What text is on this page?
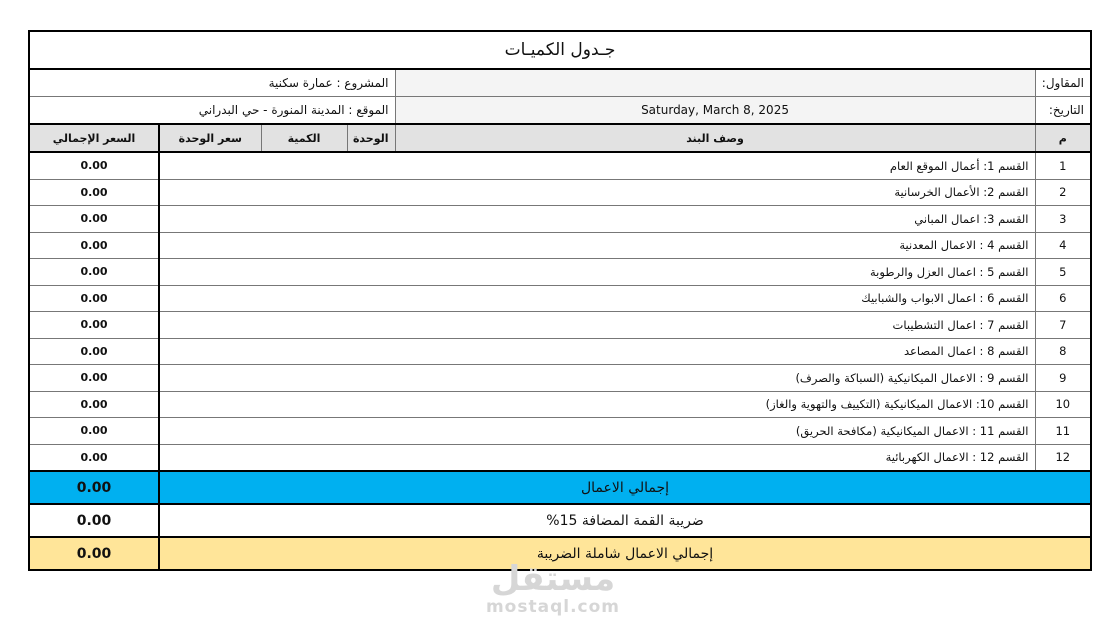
جـدول الكميـات					
المقاول:		المشروع : عمارة سكنية			
التاريخ:	Saturday, March 8, 2025	الموقع : المدينة المنورة - حي البدراني			
م	وصف البند	الوحدة	الكمية	سعر الوحدة	السعر الإجمالي
1	القسم 1: أعمال الموقع العام				0.00
2	القسم 2: الأعمال الخرسانية				0.00
3	القسم 3: اعمال المباني				0.00
4	القسم 4 : الاعمال المعدنية				0.00
5	القسم 5 : اعمال العزل والرطوبة				0.00
6	القسم 6 : اعمال الابواب والشبابيك				0.00
7	القسم 7 : اعمال التشطيبات				0.00
8	القسم 8 : اعمال المصاعد				0.00
9	القسم 9 : الاعمال الميكانيكية (السباكة والصرف)				0.00
10	القسم 10: الاعمال الميكانيكية (التكييف والتهوية والغاز)				0.00
11	القسم 11 : الاعمال الميكانيكية (مكافحة الحريق)				0.00
12	القسم 12 : الاعمال الكهربائية				0.00
إجمالي الاعمال					0.00
ضريبة القمة المضافة 15%					0.00
إجمالي الاعمال شاملة الضريبة					0.00
مستقل
mostaql.com
